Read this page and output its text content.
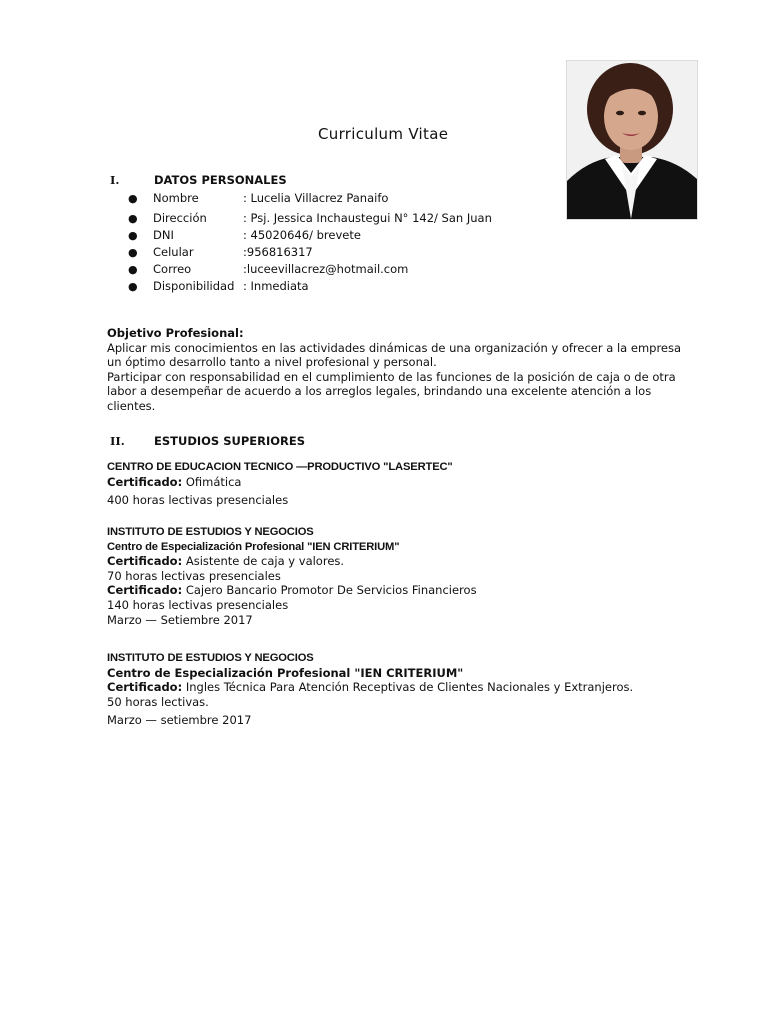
Curriculum Vitae
I.	DATOS PERSONALES
● Nombre	: Lucelia Villacrez Panaifo
● Dirección	: Psj. Jessica Inchaustegui N° 142/ San Juan
● DNI	: 45020646/ brevete
● Celular	:956816317
● Correo	:luceevillacrez@hotmail.com
● Disponibilidad : Inmediata
Objetivo Profesional:
Aplicar mis conocimientos en las actividades dinámicas de una organización y ofrecer a la empresa
un óptimo desarrollo tanto a nivel profesional y personal.
Participar con responsabilidad en el cumplimiento de las funciones de la posición de caja o de otra
labor a desempeñar de acuerdo a los arreglos legales, brindando una excelente atención a los
clientes.
II.	ESTUDIOS SUPERIORES
CENTRO DE EDUCACION TECNICO —PRODUCTIVO "LASERTEC"
Certificado: Ofimática
400 horas lectivas presenciales
INSTITUTO DE ESTUDIOS Y NEGOCIOS
Centro de Especialización Profesional "IEN CRITERIUM"
Certificado: Asistente de caja y valores.
70 horas lectivas presenciales
Certificado: Cajero Bancario Promotor De Servicios Financieros
140 horas lectivas presenciales
Marzo — Setiembre 2017
INSTITUTO DE ESTUDIOS Y NEGOCIOS
Centro de Especialización Profesional "IEN CRITERIUM"
Certificado: Ingles Técnica Para Atención Receptivas de Clientes Nacionales y Extranjeros.
50 horas lectivas.
Marzo — setiembre 2017
